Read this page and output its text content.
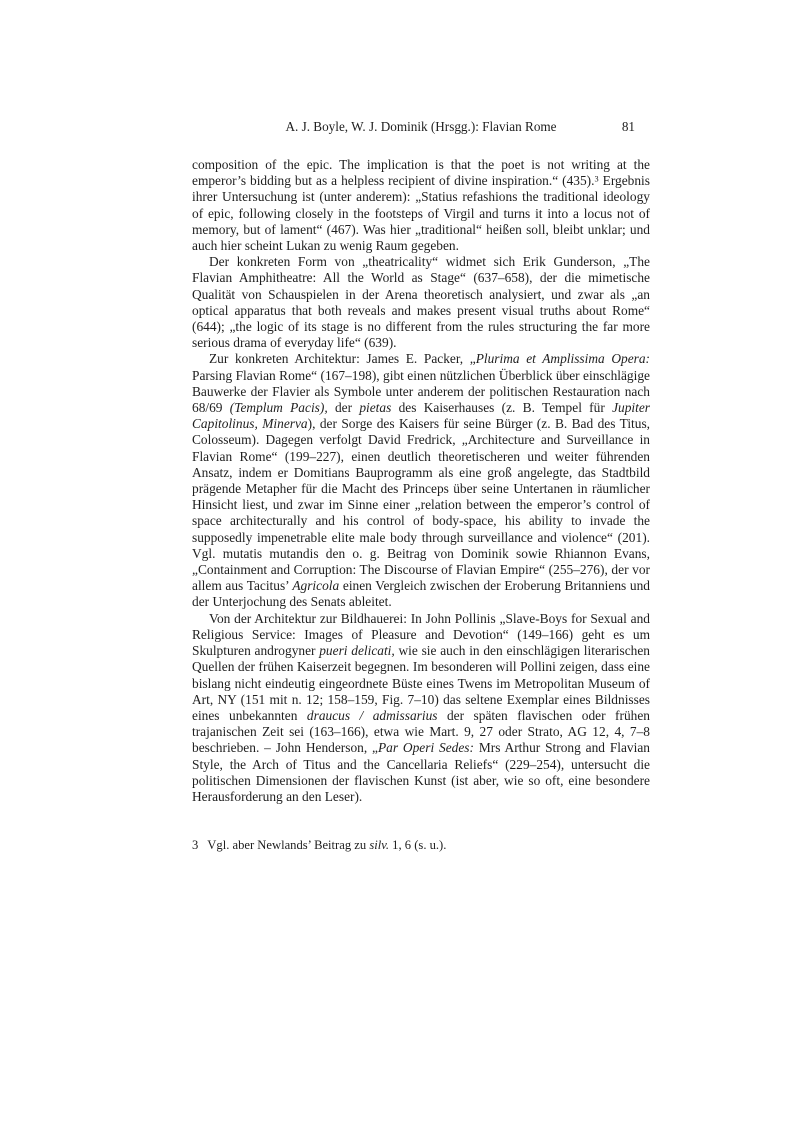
A. J. Boyle, W. J. Dominik (Hrsgg.): Flavian Rome	81

composition of the epic. The implication is that the poet is not writing at the emperor’s bidding but as a helpless recipient of divine inspiration.“ (435).$^3$ Ergebnis ihrer Untersuchung ist (unter anderem): „Statius refashions the traditional ideology of epic, following closely in the footsteps of Virgil and turns it into a locus not of memory, but of lament“ (467). Was hier „traditional“ heißen soll, bleibt unklar; und auch hier scheint Lukan zu wenig Raum gegeben.

Der konkreten Form von „theatricality“ widmet sich Erik Gunderson, „The Flavian Amphitheatre: All the World as Stage“ (637–658), der die mimetische Qualität von Schauspielen in der Arena theoretisch analysiert, und zwar als „an optical apparatus that both reveals and makes present visual truths about Rome“ (644); „the logic of its stage is no different from the rules structuring the far more serious drama of everyday life“ (639).

Zur konkreten Architektur: James E. Packer, „Plurima et Amplissima Opera: Parsing Flavian Rome“ (167–198), gibt einen nützlichen Überblick über einschlägige Bauwerke der Flavier als Symbole unter anderem der politischen Restauration nach 68/69 (Templum Pacis), der pietas des Kaiserhauses (z. B. Tempel für Jupiter Capitolinus, Minerva), der Sorge des Kaisers für seine Bürger (z. B. Bad des Titus, Colosseum). Dagegen verfolgt David Fredrick, „Architecture and Surveillance in Flavian Rome“ (199–227), einen deutlich theoretischeren und weiter führenden Ansatz, indem er Domitians Bauprogramm als eine groß angelegte, das Stadtbild prägende Metapher für die Macht des Princeps über seine Untertanen in räumlicher Hinsicht liest, und zwar im Sinne einer „relation between the emperor’s control of space architecturally and his control of body-space, his ability to invade the supposedly impenetrable elite male body through surveillance and violence“ (201). Vgl. mutatis mutandis den o. g. Beitrag von Dominik sowie Rhiannon Evans, „Containment and Corruption: The Discourse of Flavian Empire“ (255–276), der vor allem aus Tacitus’ Agricola einen Vergleich zwischen der Eroberung Britanniens und der Unterjochung des Senats ableitet.

Von der Architektur zur Bildhauerei: In John Pollinis „Slave-Boys for Sexual and Religious Service: Images of Pleasure and Devotion“ (149–166) geht es um Skulpturen androgyner pueri delicati, wie sie auch in den einschlägigen literarischen Quellen der frühen Kaiserzeit begegnen. Im besonderen will Pollini zeigen, dass eine bislang nicht eindeutig eingeordnete Büste eines Twens im Metropolitan Museum of Art, NY (151 mit n. 12; 158–159, Fig. 7–10) das seltene Exemplar eines Bildnisses eines unbekannten draucus / admissarius der späten flavischen oder frühen trajanischen Zeit sei (163–166), etwa wie Mart. 9, 27 oder Strato, AG 12, 4, 7–8 beschrieben. – John Henderson, „Par Operi Sedes: Mrs Arthur Strong and Flavian Style, the Arch of Titus and the Cancellaria Reliefs“ (229–254), untersucht die politischen Dimensionen der flavischen Kunst (ist aber, wie so oft, eine besondere Herausforderung an den Leser).

3 Vgl. aber Newlands’ Beitrag zu silv. 1, 6 (s. u.).
